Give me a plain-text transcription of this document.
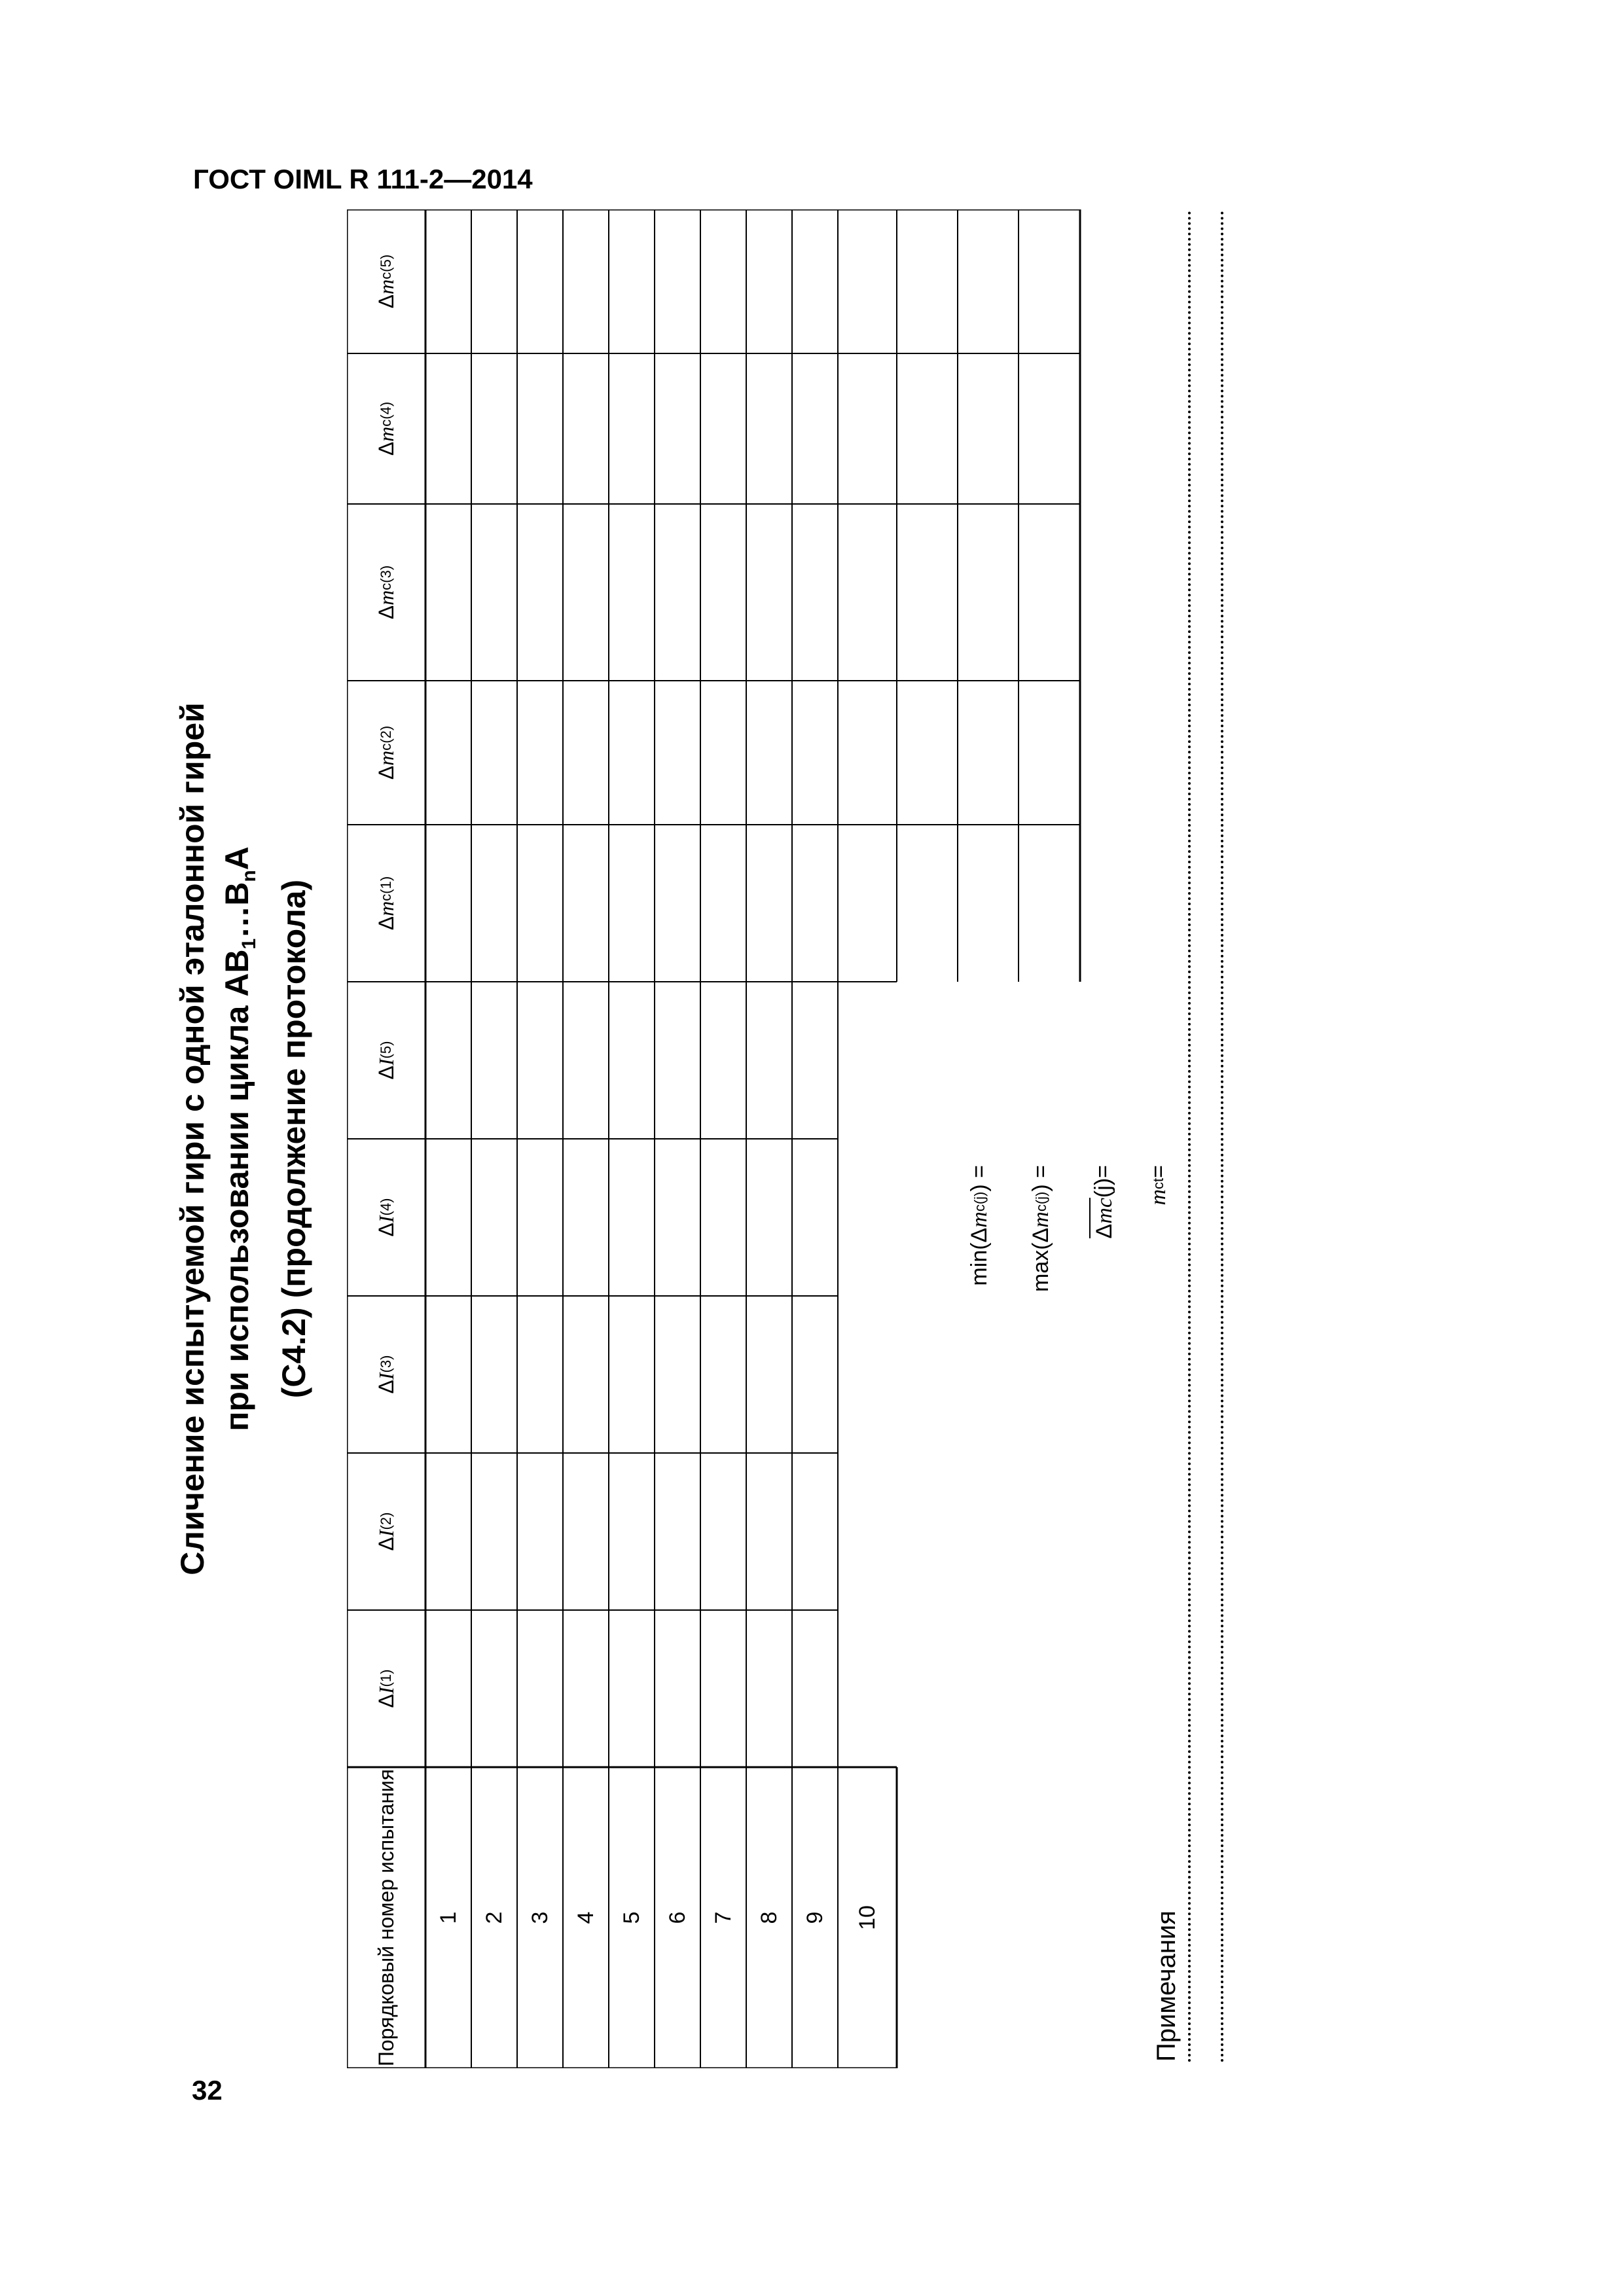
ГОСТ OIML R 111-2—2014
32
Сличение испытуемой гири с одной эталонной гирей при использовании цикла $AB_1\dots B_nA$
(C4.2) (продолжение протокола)
Порядковый номер испытания
Δ
I
(1)
Δ
I
(2)
Δ
I
(3)
Δ
I
(4)
Δ
I
(5)
Δ
m
c(1)
Δ
m
c(2)
Δ
m
c(3)
Δ
m
c(4)
Δ
m
c(5)
1 2 3 4 5 6 7 8 9	10
min(Δ
m
c(j)
) =
max(Δ
m
c(j)
) =
Δmc
(j)
=
m
ct
=
Примечания
